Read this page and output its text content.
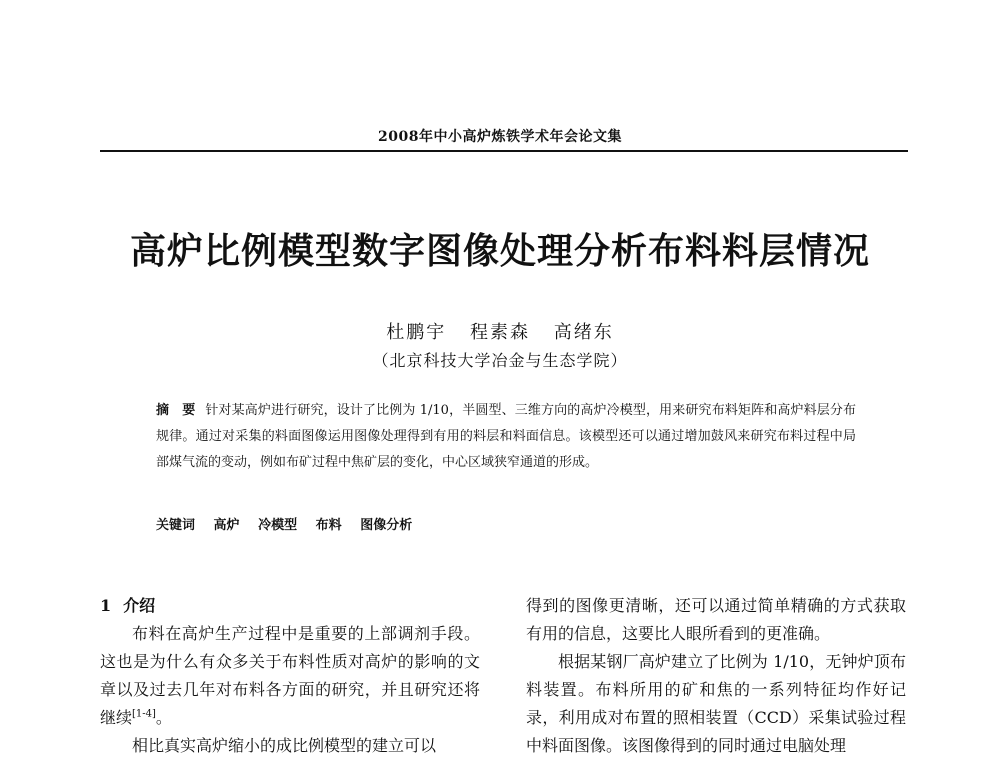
2008年中小高炉炼铁学术年会论文集
高炉比例模型数字图像处理分析布料料层情况
杜鹏宇 程素森 高绪东
（北京科技大学冶金与生态学院）
摘　要 针对某高炉进行研究，设计了比例为 1/10，半圆型、三维方向的高炉冷模型，用来研究布料矩阵和高炉料层分布规律。通过对采集的料面图像运用图像处理得到有用的料层和料面信息。该模型还可以通过增加鼓风来研究布料过程中局部煤气流的变动，例如布矿过程中焦矿层的变化，中心区域狭窄通道的形成。
关键词 高炉 冷模型 布料 图像分析
1 介绍

布料在高炉生产过程中是重要的上部调剂手段。这也是为什么有众多关于布料性质对高炉的影响的文章以及过去几年对布料各方面的研究，并且研究还将继续[1-4]。

相比真实高炉缩小的成比例模型的建立可以

得到的图像更清晰，还可以通过简单精确的方式获取有用的信息，这要比人眼所看到的更准确。

根据某钢厂高炉建立了比例为 1/10，无钟炉顶布料装置。布料所用的矿和焦的一系列特征均作好记录，利用成对布置的照相装置（CCD）采集试验过程中料面图像。该图像得到的同时通过电脑处理
